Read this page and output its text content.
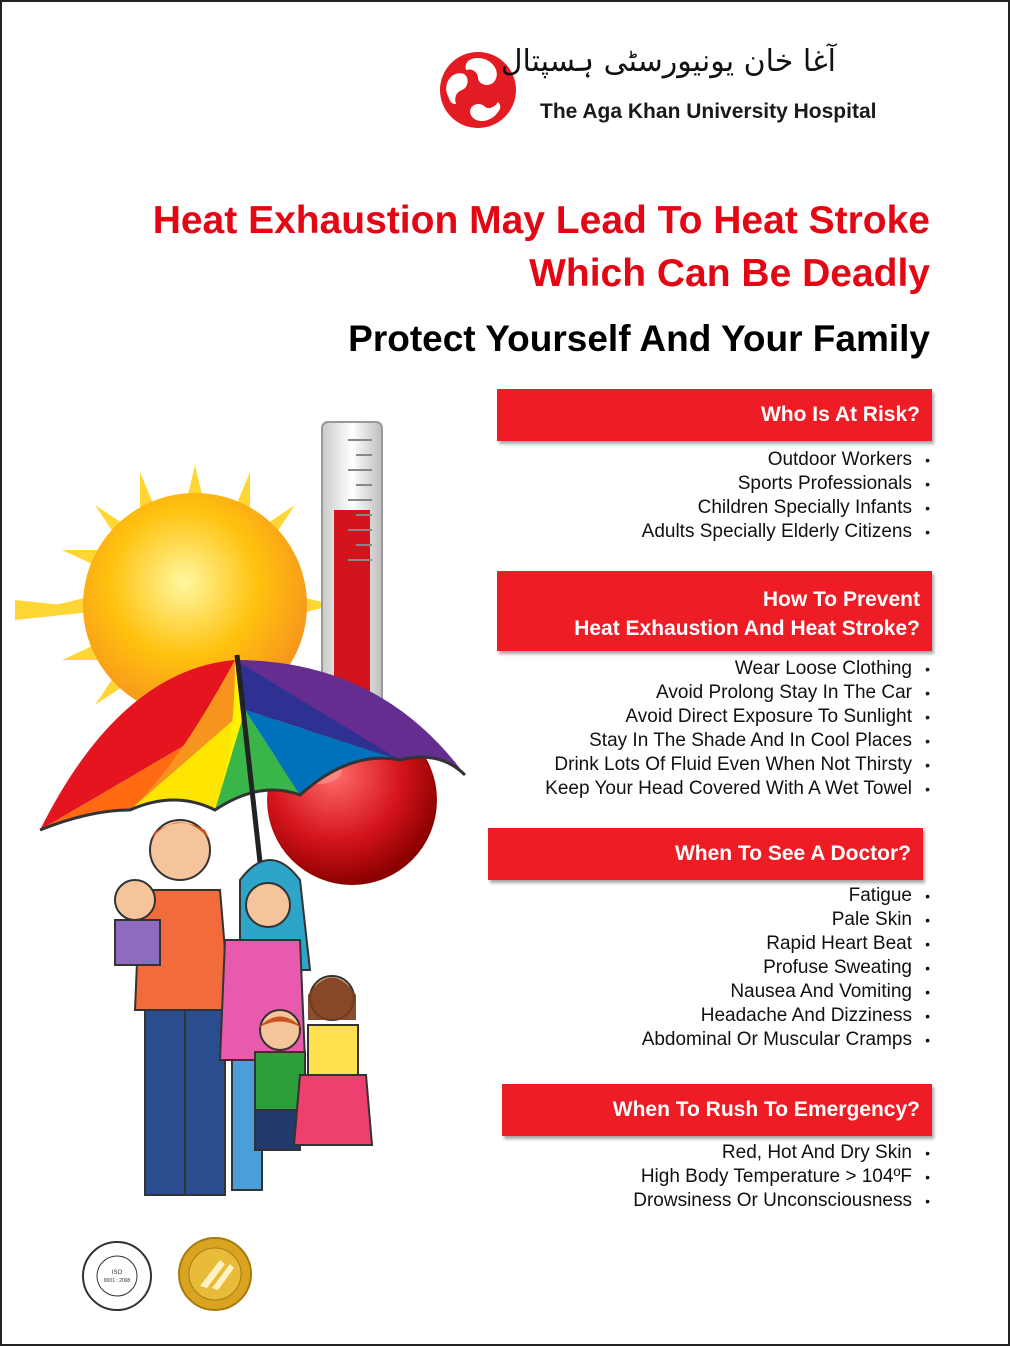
آغا خان یونیورسٹی ہسپتال
The Aga Khan University Hospital
Heat Exhaustion May Lead To Heat Stroke
Which Can Be Deadly
Protect Yourself And Your Family
Who Is At Risk?
Outdoor Workers •
Sports Professionals •
Children Specially Infants •
Adults Specially Elderly Citizens •
How To Prevent
Heat Exhaustion And Heat Stroke?
Wear Loose Clothing •
Avoid Prolong Stay In The Car •
Avoid Direct Exposure To Sunlight •
Stay In The Shade And In Cool Places •
Drink Lots Of Fluid Even When Not Thirsty •
Keep Your Head Covered With A Wet Towel •
When To See A Doctor?
Fatigue •
Pale Skin •
Rapid Heart Beat •
Profuse Sweating •
Nausea And Vomiting •
Headache And Dizziness •
Abdominal Or Muscular Cramps •
When To Rush To Emergency?
Red, Hot And Dry Skin •
High Body Temperature > 104ºF •
Drowsiness Or Unconsciousness •
ISO
9001 : 2008
